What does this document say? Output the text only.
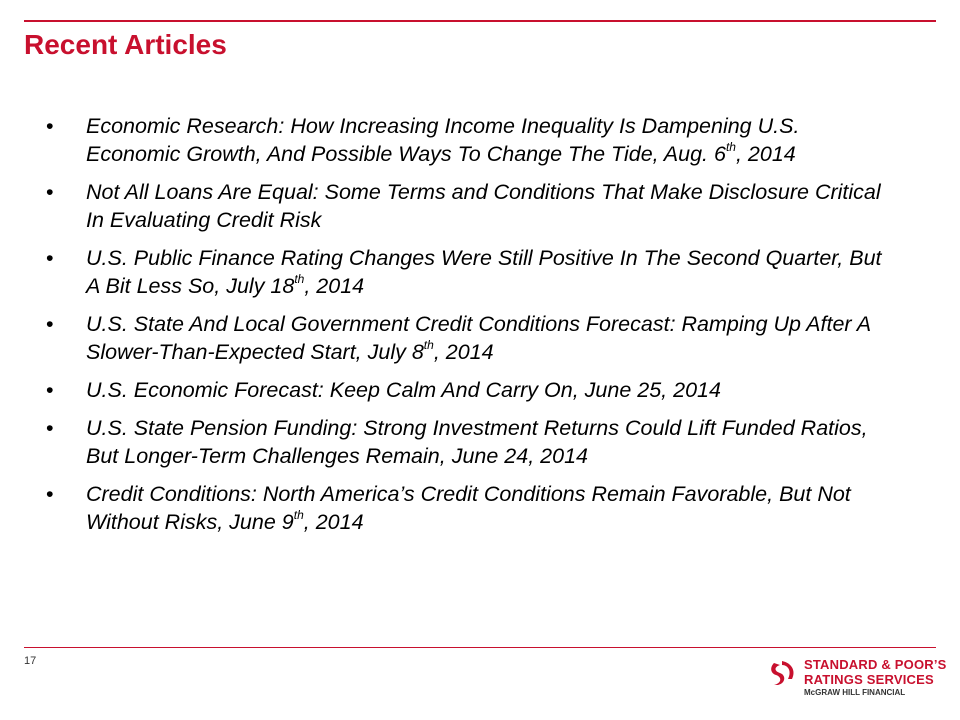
Recent Articles
• Economic Research: How Increasing Income Inequality Is Dampening U.S. Economic Growth, And Possible Ways To Change The Tide, Aug. 6th, 2014
• Not All Loans Are Equal: Some Terms and Conditions That Make Disclosure Critical In Evaluating Credit Risk
• U.S. Public Finance Rating Changes Were Still Positive In The Second Quarter, But A Bit Less So, July 18th, 2014
• U.S. State And Local Government Credit Conditions Forecast: Ramping Up After A Slower-Than-Expected Start, July 8th, 2014
• U.S. Economic Forecast: Keep Calm And Carry On, June 25, 2014
• U.S. State Pension Funding: Strong Investment Returns Could Lift Funded Ratios, But Longer-Term Challenges Remain, June 24, 2014
• Credit Conditions: North America’s Credit Conditions Remain Favorable, But Not Without Risks, June 9th, 2014
17	STANDARD & POOR’S
RATINGS SERVICES
McGRAW HILL FINANCIAL
